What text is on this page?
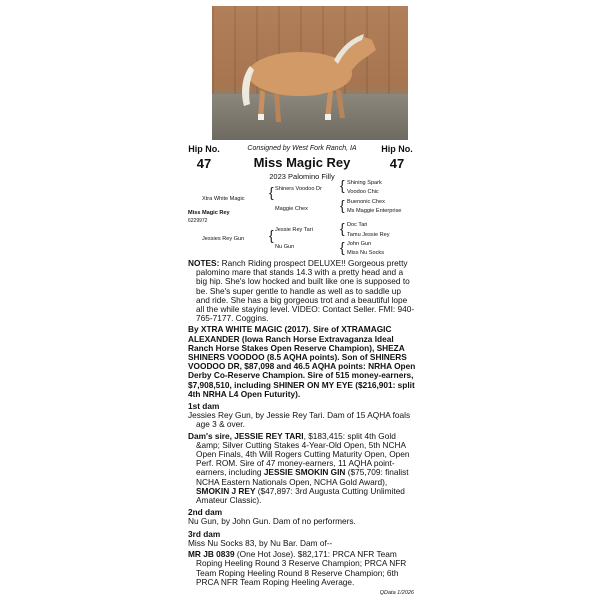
Hip No.
47
Hip No.
47
Consigned by West Fork Ranch, IA
Miss Magic Rey
2023 Palomino Filly
Xtra White Magic { Shiners Voodoo Dr
Maggie Chex
{ Shining Spark
Voodoo Chic
{ Buenonic Chex
Ms Maggie Enterprise
Miss Magic Rey
6229972
Jessies Rey Gun { Jessie Rey Tari
Nu Gun
{ Doc Tari
Tamu Jessie Rey
{ John Gun
Miss Nu Socks

NOTES: Ranch Riding prospect DELUXE!! Gorgeous pretty palomino mare that stands 14.3 with a pretty head and a big hip. She's low hocked and built like one is supposed to be. She's super gentle to handle as well as to saddle up and ride. She has a big gorgeous trot and a beautiful lope all the while staying level. VIDEO: Contact Seller. FMI: 940-765-7177. Coggins.

By XTRA WHITE MAGIC (2017). Sire of XTRAMAGIC ALEXANDER (Iowa Ranch Horse Extravaganza Ideal Ranch Horse Stakes Open Reserve Champion), SHEZA SHINERS VOODOO (8.5 AQHA points). Son of SHINERS VOODOO DR, $87,098 and 46.5 AQHA points: NRHA Open Derby Co-Reserve Champion. Sire of 515 money-earners, $7,908,510, including SHINER ON MY EYE ($216,901: split 4th NRHA L4 Open Futurity).

1st dam

Jessies Rey Gun, by Jessie Rey Tari. Dam of 15 AQHA foals age 3 & over.

Dam's sire, JESSIE REY TARI, $183,415: split 4th Gold &amp; Silver Cutting Stakes 4-Year-Old Open, 5th NCHA Open Finals, 4th Will Rogers Cutting Maturity Open, Open Perf. ROM. Sire of 47 money-earners, 11 AQHA point-earners, including JESSIE SMOKIN GIN ($75,709: finalist NCHA Eastern Nationals Open, NCHA Gold Award), SMOKIN J REY ($47,897: 3rd Augusta Cutting Unlimited Amateur Classic).

2nd dam

Nu Gun, by John Gun. Dam of no performers.

3rd dam

Miss Nu Socks 83, by Nu Bar. Dam of--

MR JB 0839 (One Hot Jose). $82,171: PRCA NFR Team Roping Heeling Round 3 Reserve Champion; PRCA NFR Team Roping Heeling Round 8 Reserve Champion; 6th PRCA NFR Team Roping Heeling Average.

QData 1/2026
